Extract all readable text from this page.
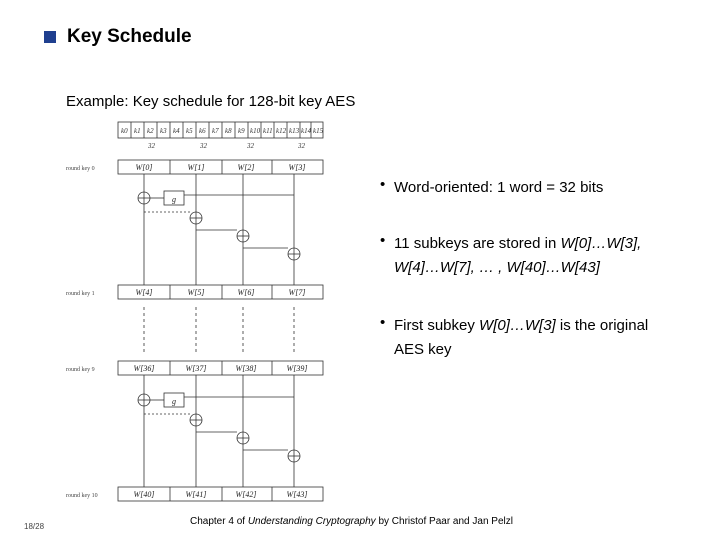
Key Schedule
Example: Key schedule for 128-bit key AES
k0 k1 k2 k3 k4 k5 k6 k7 k8 k9 k10 k11 k12 k13 k14 k15
32	32	32	32
round key 0
round key 1
round key 9
round key 10
W[0]	W[1]	W[2]	W[3]
W[4]	W[5]	W[6]	W[7]
W[36]	W[37]	W[38]	W[39]
W[40]	W[41]	W[42]	W[43]
g
g
• Word-oriented: 1 word = 32 bits
• 11 subkeys are stored in W[0]…W[3],
W[4]…W[7], … , W[40]…W[43]
• First subkey W[0]…W[3] is the original
AES key
Chapter 4 of Understanding Cryptography by Christof Paar and Jan Pelzl
18/28
